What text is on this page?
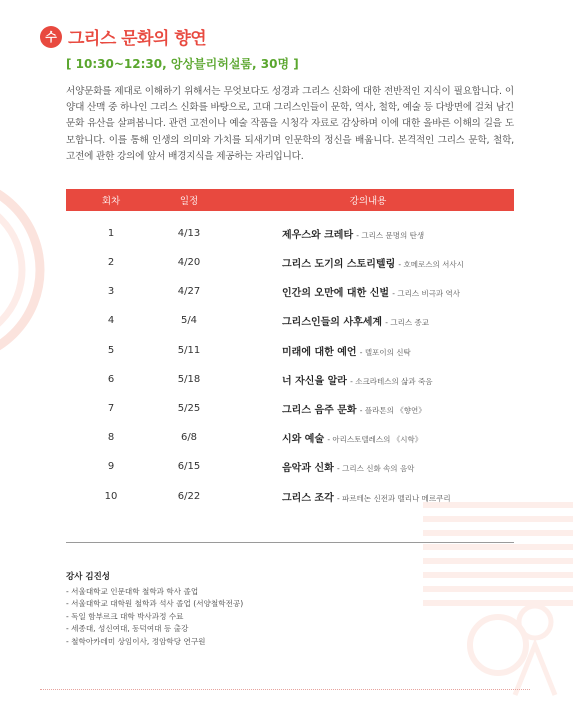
수 그리스 문화의 향연
[ 10:30~12:30, 앙상블리허설룸, 30명 ]

서양문화를 제대로 이해하기 위해서는 무엇보다도 성경과 그리스 신화에 대한 전반적인 지식이 필요합니다. 이 양대 산맥 중 하나인 그리스 신화를 바탕으로, 고대 그리스인들이 문학, 역사, 철학, 예술 등 다방면에 걸쳐 남긴 문화 유산을 살펴봅니다. 관련 고전이나 예술 작품을 시청각 자료로 감상하며 이에 대한 올바른 이해의 길을 도모합니다. 이를 통해 인생의 의미와 가치를 되새기며 인문학의 정신을 배웁니다. 본격적인 그리스 문학, 철학, 고전에 관한 강의에 앞서 배경지식을 제공하는 자리입니다.

회차	일정	강의내용
1	4/13	제우스와 크레타 - 그리스 문명의 탄생
2	4/20	그리스 도기의 스토리텔링 - 호메로스의 서사시
3	4/27	인간의 오만에 대한 신벌 - 그리스 비극과 역사
4	5/4	그리스인들의 사후세계 - 그리스 종교
5	5/11	미래에 대한 예언 - 델포이의 신탁
6	5/18	너 자신을 알라 - 소크라테스의 삶과 죽음
7	5/25	그리스 음주 문화 - 플라톤의 《향연》
8	6/8	시와 예술 - 아리스토텔레스의 《시학》
9	6/15	음악과 신화 - 그리스 신화 속의 음악
10	6/22	그리스 조각 - 파르테논 신전과 멜리나 메르쿠리
강사 김진성
- 서울대학교 인문대학 철학과 학사 졸업
- 서울대학교 대학원 철학과 석사 졸업 (서양철학전공)
- 독일 함부르크 대학 박사과정 수료
- 세종대, 성신여대, 동덕여대 등 출강
- 철학아카데미 상임이사, 정암학당 연구원
